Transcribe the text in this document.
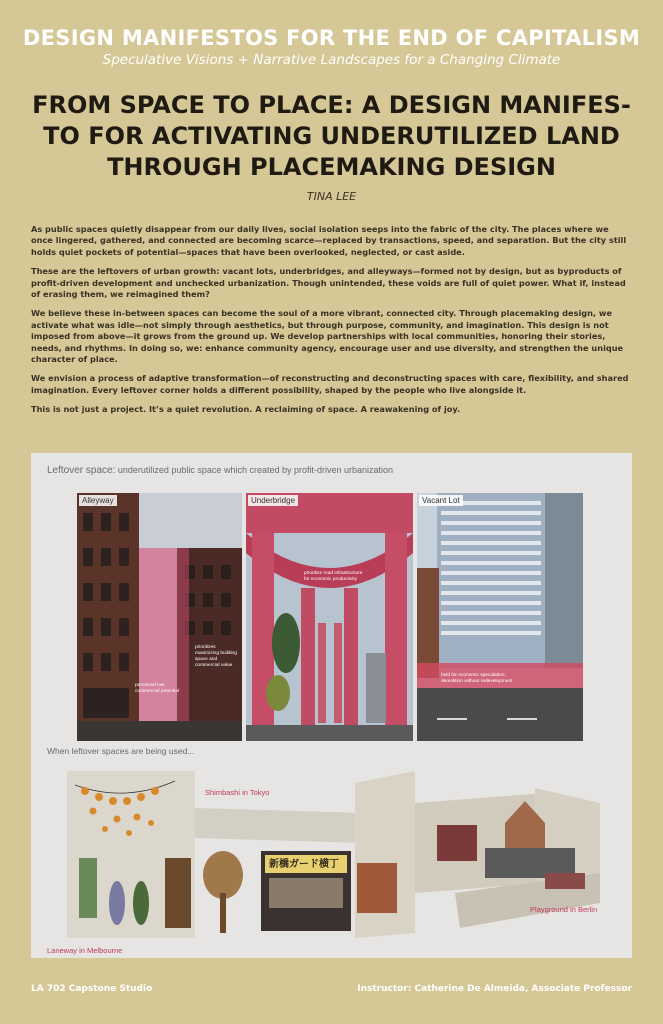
DESIGN MANIFESTOS FOR THE END OF CAPITALISM
Speculative Visions + Narrative Landscapes for a Changing Climate
FROM SPACE TO PLACE: A DESIGN MANIFES-
TO FOR ACTIVATING UNDERUTILIZED LAND
THROUGH PLACEMAKING DESIGN
TINA LEE

As public spaces quietly disappear from our daily lives, social isolation seeps into the fabric of the city. The places where we once lingered, gathered, and connected are becoming scarce—replaced by transactions, speed, and separation. But the city still holds quiet pockets of potential—spaces that have been overlooked, neglected, or cast aside.

These are the leftovers of urban growth: vacant lots, underbridges, and alleyways—formed not by design, but as byproducts of profit-driven development and unchecked urbanization. Though unintended, these voids are full of quiet power. What if, instead of erasing them, we reimagined them?

We believe these in-between spaces can become the soul of a more vibrant, connected city. Through placemaking design, we activate what was idle—not simply through aesthetics, but through purpose, community, and imagination. This design is not imposed from above—it grows from the ground up. We develop partnerships with local communities, honoring their stories, needs, and rhythms. In doing so, we: enhance community agency, encourage user and use diversity, and strengthen the unique character of place.

We envision a process of adaptive transformation—of reconstructing and deconstructing spaces with care, flexibility, and shared imagination. Every leftover corner holds a different possibility, shaped by the people who live alongside it.

This is not just a project. It’s a quiet revolution. A reclaiming of space. A reawakening of joy.

Leftover space: underutilized public space which created by profit-driven urbanization
Alleyway
prioritizes maximizing building space and commercial value
perceived low commercial potential
Underbridge
prioritize road infrastructure for economic productivity
Vacant Lot
held for economic speculation; demolition without redevelopment
When leftover spaces are being used...
新橋ガード横丁
Shimbashi in Tokyo
Playground in Berlin
Laneway in Melbourne
LA 702 Capstone Studio	Instructor: Catherine De Almeida, Associate Professor
